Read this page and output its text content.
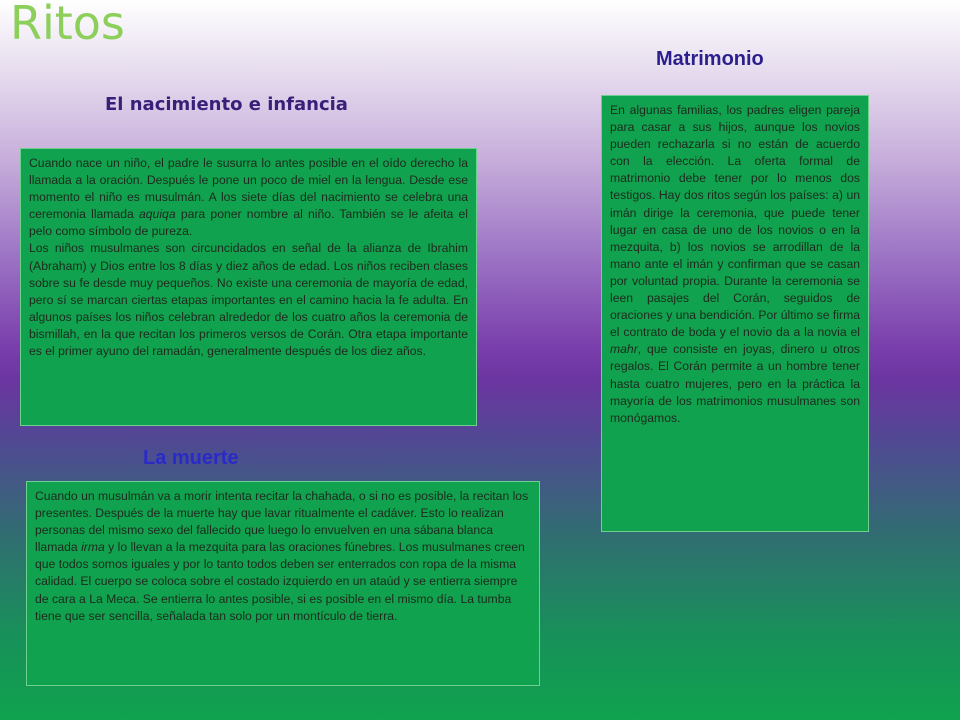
Ritos
El nacimiento e infancia

Cuando nace un niño, el padre le susurra lo antes posible en el oído derecho la llamada a la oración. Después le pone un poco de miel en la lengua. Desde ese momento el niño es musulmán. A los siete días del nacimiento se celebra una ceremonia llamada aquiqa para poner nombre al niño. También se le afeita el pelo como símbolo de pureza.

Los niños musulmanes son circuncidados en señal de la alianza de Ibrahim (Abraham) y Dios entre los 8 días y diez años de edad. Los niños reciben clases sobre su fe desde muy pequeños. No existe una ceremonia de mayoría de edad, pero sí se marcan ciertas etapas importantes en el camino hacia la fe adulta. En algunos países los niños celebran alrededor de los cuatro años la ceremonia de bismillah, en la que recitan los primeros versos de Corán. Otra etapa importante es el primer ayuno del ramadán, generalmente después de los diez años.

Matrimonio

En algunas familias, los padres eligen pareja para casar a sus hijos, aunque los novios pueden rechazarla si no están de acuerdo con la elección. La oferta formal de matrimonio debe tener por lo menos dos testigos. Hay dos ritos según los países: a) un imán dirige la ceremonia, que puede tener lugar en casa de uno de los novios o en la mezquita, b) los novios se arrodillan de la mano ante el imán y confirman que se casan por voluntad propia. Durante la ceremonia se leen pasajes del Corán, seguidos de oraciones y una bendición. Por último se firma el contrato de boda y el novio da a la novia el mahr, que consiste en joyas, dinero u otros regalos. El Corán permite a un hombre tener hasta cuatro mujeres, pero en la práctica la mayoría de los matrimonios musulmanes son monógamos.

La muerte

Cuando un musulmán va a morir intenta recitar la chahada, o si no es posible, la recitan los presentes. Después de la muerte hay que lavar ritualmente el cadáver. Esto lo realizan personas del mismo sexo del fallecido que luego lo envuelven en una sábana blanca llamada irma y lo llevan a la mezquita para las oraciones fúnebres. Los musulmanes creen que todos somos iguales y por lo tanto todos deben ser enterrados con ropa de la misma calidad. El cuerpo se coloca sobre el costado izquierdo en un ataúd y se entierra siempre de cara a La Meca. Se entierra lo antes posible, si es posible en el mismo día. La tumba tiene que ser sencilla, señalada tan solo por un montículo de tierra.
